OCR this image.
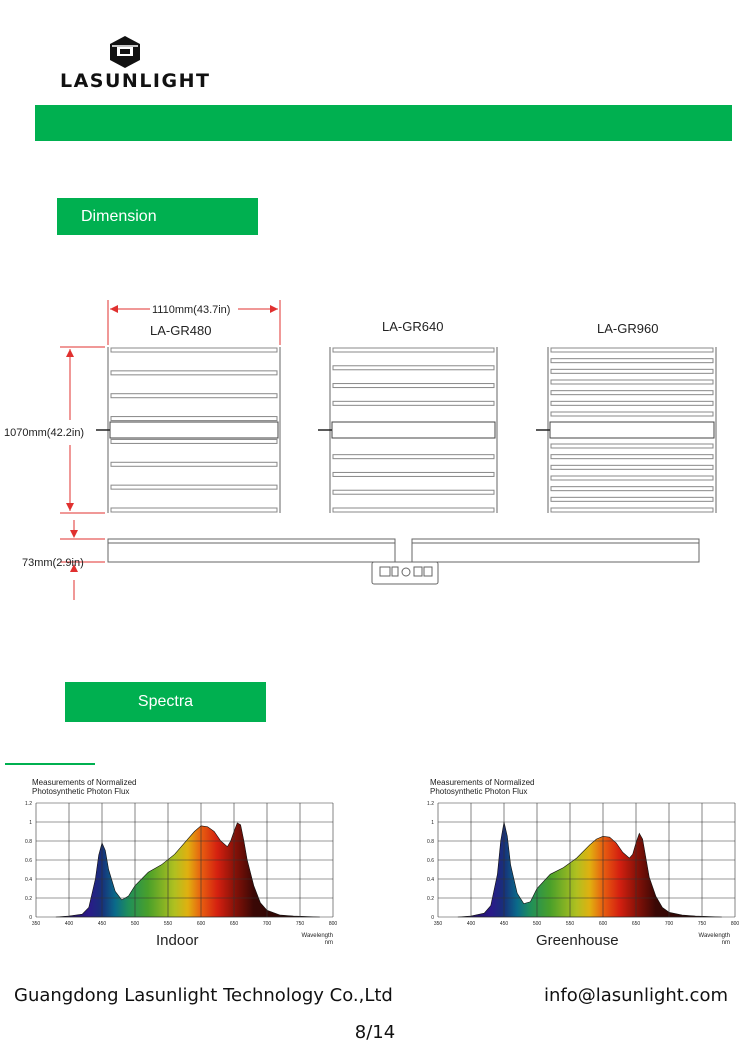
LASUNLIGHT
Dimension
1110mm(43.7in)
1070mm(42.2in)
73mm(2.9in)
LA-GR480	LA-GR640	LA-GR960
Spectra
Measurements of Normalized Photosynthetic Photon Flux
350	400	450	500	550	600	650	700	750	800
0
0.2
0.4
0.6
0.8
1
1.2
Indoor	Wavelength nm
Measurements of Normalized Photosynthetic Photon Flux
350	400	450	500	550	600	650	700	750	800
0
0.2
0.4
0.6
0.8
1
1.2
Greenhouse	Wavelength nm
Guangdong Lasunlight Technology Co.,Ltd	info@lasunlight.com
8/14
